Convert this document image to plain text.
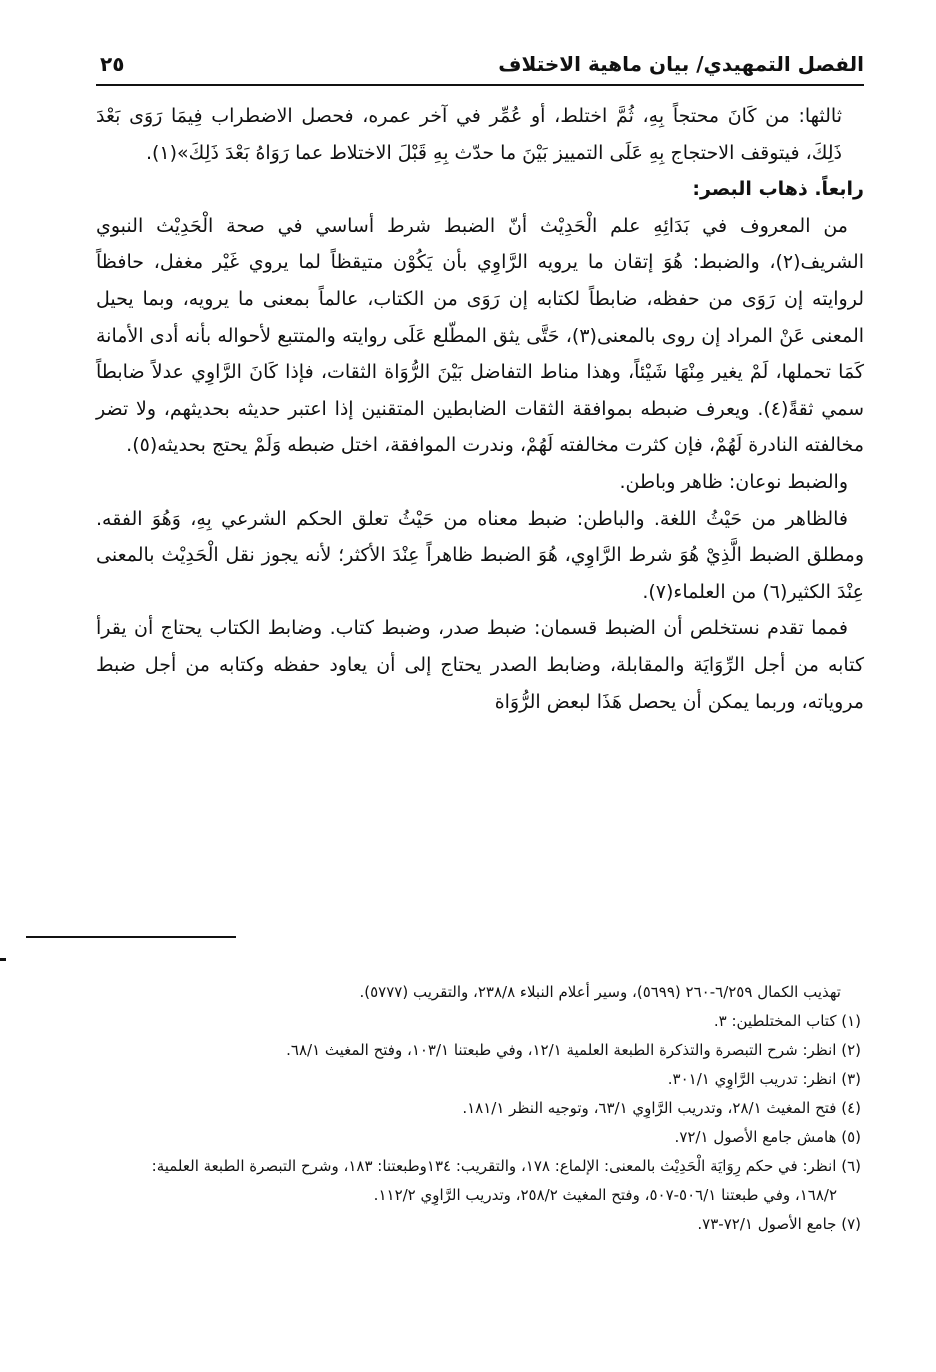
الفصل التمهيدي/ بيان ماهية الاختلاف
٢٥

ثالثها: من كَانَ محتجاً بِهِ، ثُمَّ اختلط، أو عُمِّر في آخر عمره، فحصل الاضطراب فِيمَا رَوَى بَعْدَ ذَلِكَ، فيتوقف الاحتجاج بِهِ عَلَى التمييز بَيْنَ ما حدّث بِهِ قَبْلَ الاختلاط عما رَوَاهُ بَعْدَ ذَلِكَ»(١).

رابعاً. ذهاب البصر:

من المعروف في بَدَائِهِ علم الْحَدِيْث أنّ الضبط شرط أساسي في صحة الْحَدِيْث النبوي الشريف(٢)، والضبط: هُوَ إتقان ما يرويه الرَّاوِي بأن يَكُوْن متيقظاً لما يروي غَيْر مغفل، حافظاً لروايته إن رَوَى من حفظه، ضابطاً لكتابه إن رَوَى من الكتاب، عالماً بمعنى ما يرويه، وبما يحيل المعنى عَنْ المراد إن روى بالمعنى(٣)، حَتَّى يثق المطّلع عَلَى روايته والمتتبع لأحواله بأنه أدى الأمانة كَمَا تحملها، لَمْ يغير مِنْهَا شَيْئاً، وهذا مناط التفاضل بَيْنَ الرُّوَاة الثقات، فإذا كَانَ الرَّاوِي عدلاً ضابطاً سمي ثقةً(٤). ويعرف ضبطه بموافقة الثقات الضابطين المتقنين إذا اعتبر حديثه بحديثهم، ولا تضر مخالفته النادرة لَهُمْ، فإن كثرت مخالفته لَهُمْ، وندرت الموافقة، اختل ضبطه وَلَمْ يحتج بحديثه(٥).

والضبط نوعان: ظاهر وباطن.

فالظاهر من حَيْثُ اللغة. والباطن: ضبط معناه من حَيْثُ تعلق الحكم الشرعي بِهِ، وَهُوَ الفقه. ومطلق الضبط الَّذِيْ هُوَ شرط الرَّاوِي، هُوَ الضبط ظاهراً عِنْدَ الأكثر؛ لأنه يجوز نقل الْحَدِيْث بالمعنى عِنْدَ الكثير(٦) من العلماء(٧).

فمما تقدم نستخلص أن الضبط قسمان: ضبط صدر، وضبط كتاب. وضابط الكتاب يحتاج أن يقرأ كتابه من أجل الرِّوَايَة والمقابلة، وضابط الصدر يحتاج إلى أن يعاود حفظه وكتابه من أجل ضبط مروياته، وربما يمكن أن يحصل هَذَا لبعض الرُّوَاة

تهذيب الكمال ٦/٢٥٩-٢٦٠ (٥٦٩٩)، وسير أعلام النبلاء ٢٣٨/٨، والتقريب (٥٧٧٧).

(١) كتاب المختلطين: ٣.

(٢) انظر: شرح التبصرة والتذكرة الطبعة العلمية ١٢/١، وفي طبعتنا ١٠٣/١، وفتح المغيث ٦٨/١.

(٣) انظر: تدريب الرَّاوِي ٣٠١/١.

(٤) فتح المغيث ٢٨/١، وتدريب الرَّاوِي ٦٣/١، وتوجيه النظر ١٨١/١.

(٥) هامش جامع الأصول ٧٢/١.

(٦) انظر: في حكم رِوَايَة الْحَدِيْث بالمعنى: الإلماع: ١٧٨، والتقريب: ١٣٤وطبعتنا: ١٨٣، وشرح التبصرة الطبعة العلمية: ١٦٨/٢، وفي طبعتنا ٥٠٦/١-٥٠٧، وفتح المغيث ٢٥٨/٢، وتدريب الرَّاوِي ١١٢/٢.

(٧) جامع الأصول ٧٢/١-٧٣.
